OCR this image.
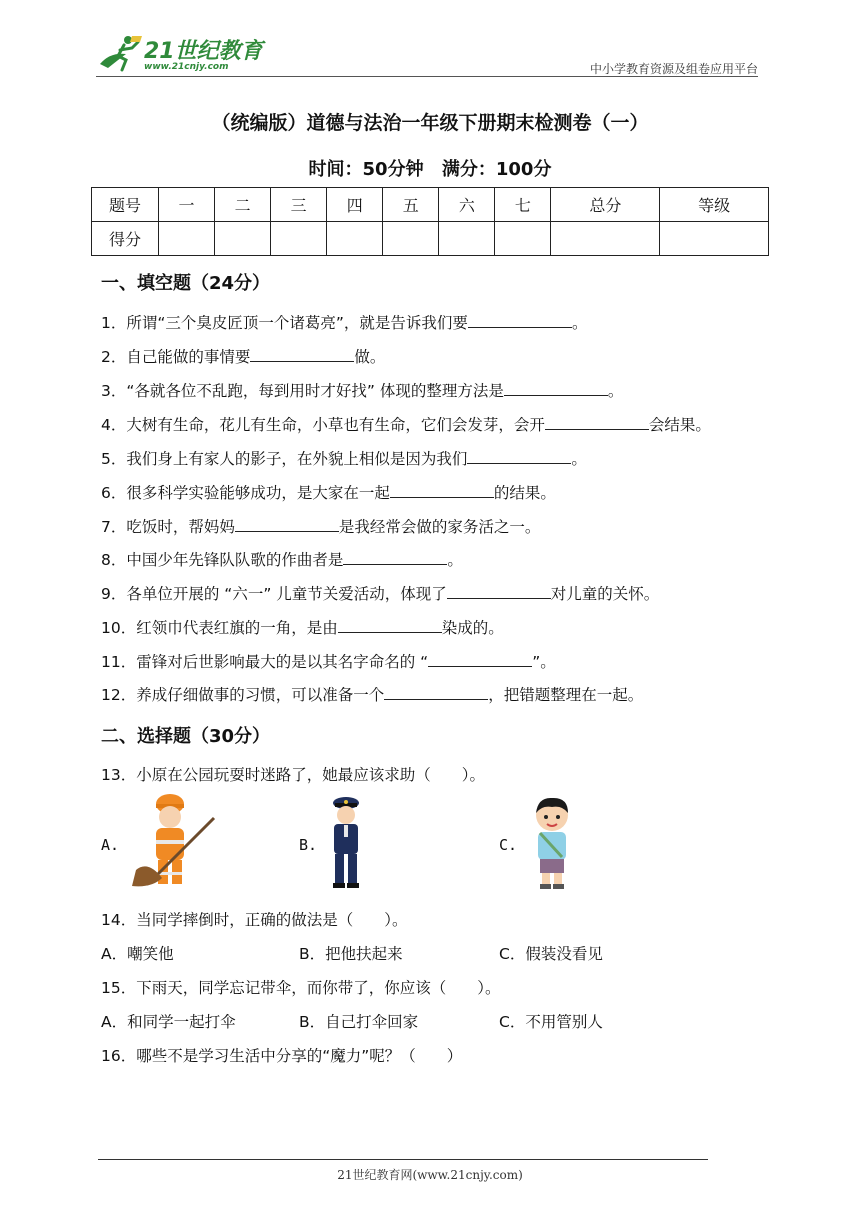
21世纪教育
www.21cnjy.com	中小学教育资源及组卷应用平台
（统编版）道德与法治一年级下册期末检测卷（一）
时间：50分钟 满分：100分
题号	一	二	三	四	五	六	七	总分	等级
得分									
一、填空题（24分）
1．所谓“三个臭皮匠顶一个诸葛亮”，就是告诉我们要	。
2．自己能做的事情要	做。
3．“各就各位不乱跑，每到用时才好找” 体现的整理方法是	。
4．大树有生命，花儿有生命，小草也有生命，它们会发芽，会开	会结果。
5．我们身上有家人的影子，在外貌上相似是因为我们	。
6．很多科学实验能够成功，是大家在一起	的结果。
7．吃饭时，帮妈妈	是我经常会做的家务活之一。
8．中国少年先锋队队歌的作曲者是	。
9．各单位开展的 “六一” 儿童节关爱活动，体现了	对儿童的关怀。
10．红领巾代表红旗的一角，是由	染成的。
11．雷锋对后世影响最大的是以其名字命名的 “	”。
12．养成仔细做事的习惯，可以准备一个	，把错题整理在一起。
二、选择题（30分）
13．小原在公园玩耍时迷路了，她最应该求助（　　）。
A.	B.	C.
14．当同学摔倒时，正确的做法是（　　）。
A．嘲笑他	B．把他扶起来	C．假装没看见
15．下雨天，同学忘记带伞，而你带了，你应该（　　）。
A．和同学一起打伞	B．自己打伞回家	C．不用管别人
16．哪些不是学习生活中分享的“魔力”呢？（　　）
21世纪教育网(www.21cnjy.com)
